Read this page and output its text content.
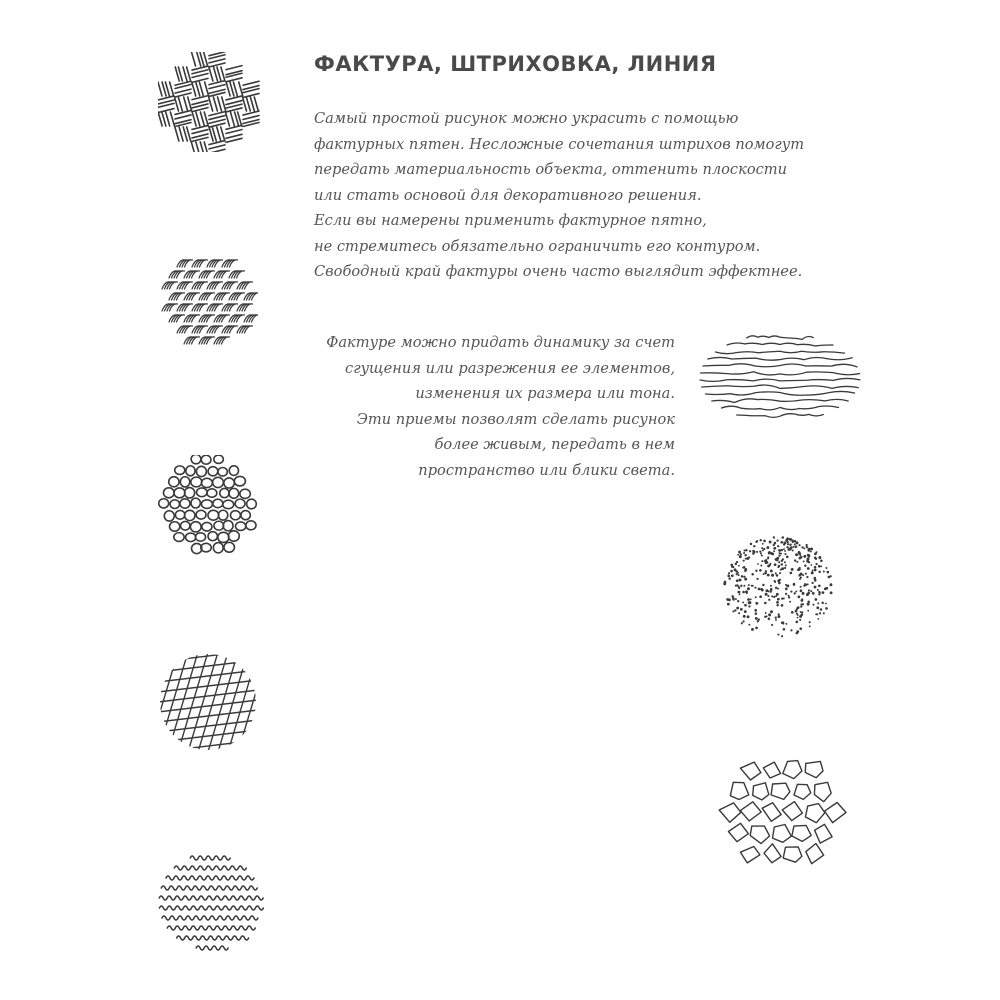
ФАКТУРА, ШТРИХОВКА, ЛИНИЯ
Самый простой рисунок можно украсить с помощью
фактурных пятен. Несложные сочетания штрихов помогут
передать материальность объекта, оттенить плоскости
или стать основой для декоративного решения.
Если вы намерены применить фактурное пятно,
не стремитесь обязательно ограничить его контуром.
Свободный край фактуры очень часто выглядит эффектнее.
Фактуре можно придать динамику за счет
сгущения или разрежения ее элементов,
изменения их размера или тона.
Эти приемы позволят сделать рисунок
более живым, передать в нем
пространство или блики света.
